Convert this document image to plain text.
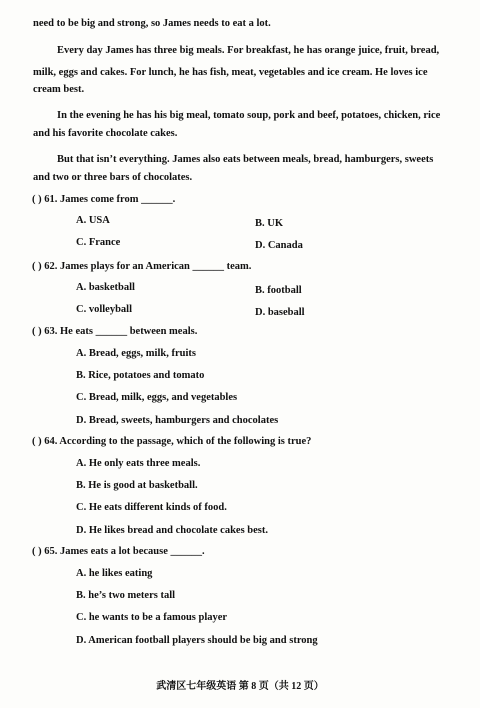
need to be big and strong, so James needs to eat a lot.
Every day James has three big meals. For breakfast, he has orange juice, fruit, bread,
milk, eggs and cakes. For lunch, he has fish, meat, vegetables and ice cream. He loves ice
cream best.
In the evening he has his big meal, tomato soup, pork and beef, potatoes, chicken, rice
and his favorite chocolate cakes.
But that isn’t everything. James also eats between meals, bread, hamburgers, sweets
and two or three bars of chocolates.
( ) 61. James come from ______.
A. USA	B. UK
C. France	D. Canada
( ) 62. James plays for an American ______ team.
A. basketball	B. football
C. volleyball	D. baseball
( ) 63. He eats ______ between meals.
A. Bread, eggs, milk, fruits
B. Rice, potatoes and tomato
C. Bread, milk, eggs, and vegetables
D. Bread, sweets, hamburgers and chocolates
( ) 64. According to the passage, which of the following is true?
A. He only eats three meals.
B. He is good at basketball.
C. He eats different kinds of food.
D. He likes bread and chocolate cakes best.
( ) 65. James eats a lot because ______.
A. he likes eating
B. he’s two meters tall
C. he wants to be a famous player
D. American football players should be big and strong
武清区七年级英语 第 8 页（共 12 页）
